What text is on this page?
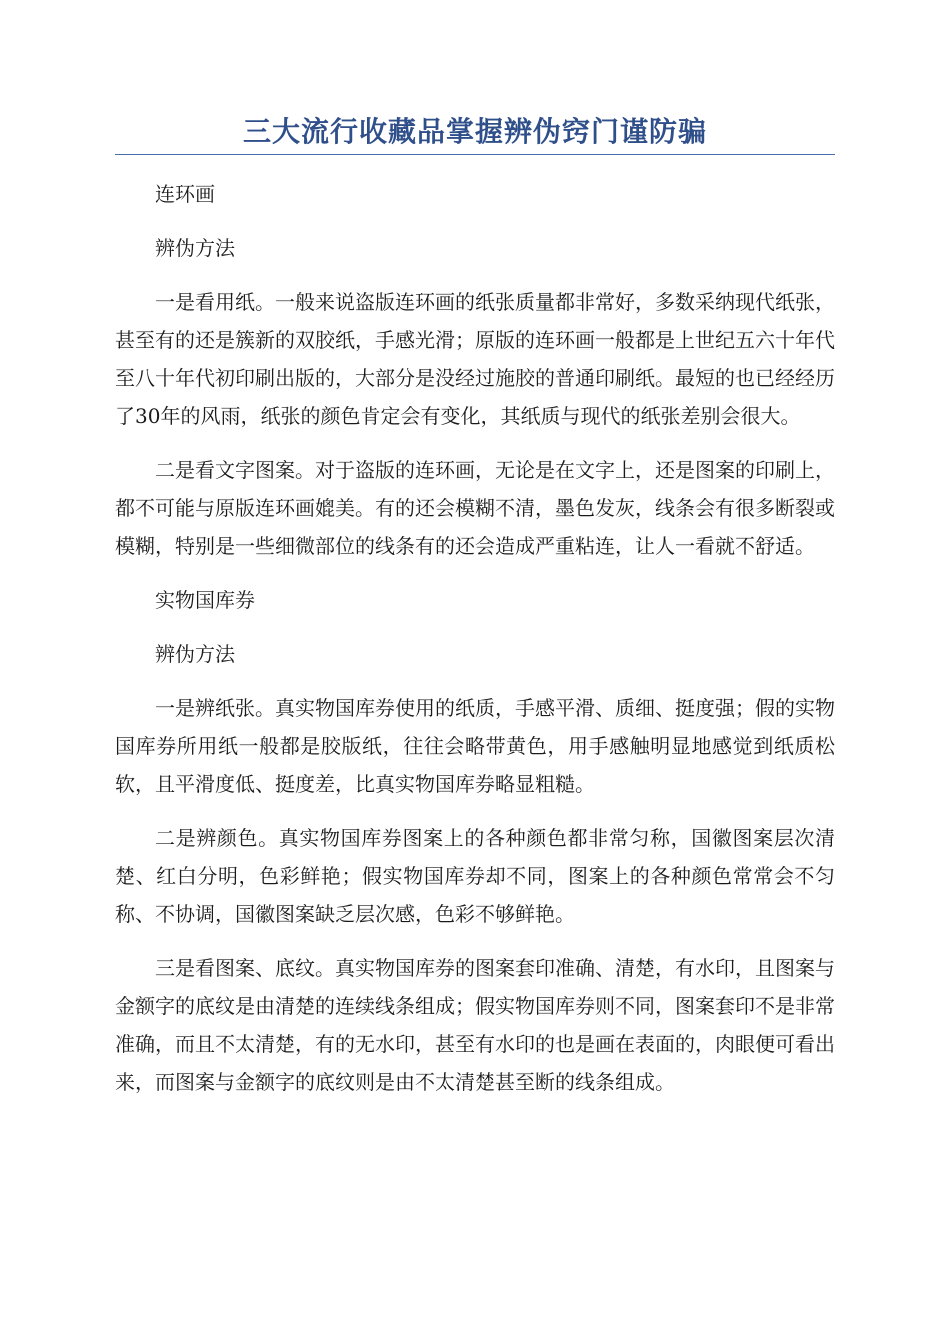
三大流行收藏品掌握辨伪窍门谨防骗

连环画

辨伪方法

一是看用纸。一般来说盗版连环画的纸张质量都非常好，多数采纳现代纸张，甚至有的还是簇新的双胶纸，手感光滑；原版的连环画一般都是上世纪五六十年代至八十年代初印刷出版的，大部分是没经过施胶的普通印刷纸。最短的也已经经历了30年的风雨，纸张的颜色肯定会有变化，其纸质与现代的纸张差别会很大。

二是看文字图案。对于盗版的连环画，无论是在文字上，还是图案的印刷上，都不可能与原版连环画媲美。有的还会模糊不清，墨色发灰，线条会有很多断裂或模糊，特别是一些细微部位的线条有的还会造成严重粘连，让人一看就不舒适。

实物国库券

辨伪方法

一是辨纸张。真实物国库券使用的纸质，手感平滑、质细、挺度强；假的实物国库券所用纸一般都是胶版纸，往往会略带黄色，用手感触明显地感觉到纸质松软，且平滑度低、挺度差，比真实物国库券略显粗糙。

二是辨颜色。真实物国库券图案上的各种颜色都非常匀称，国徽图案层次清楚、红白分明，色彩鲜艳；假实物国库券却不同，图案上的各种颜色常常会不匀称、不协调，国徽图案缺乏层次感，色彩不够鲜艳。

三是看图案、底纹。真实物国库券的图案套印准确、清楚，有水印，且图案与金额字的底纹是由清楚的连续线条组成；假实物国库券则不同，图案套印不是非常准确，而且不太清楚，有的无水印，甚至有水印的也是画在表面的，肉眼便可看出来，而图案与金额字的底纹则是由不太清楚甚至断的线条组成。
